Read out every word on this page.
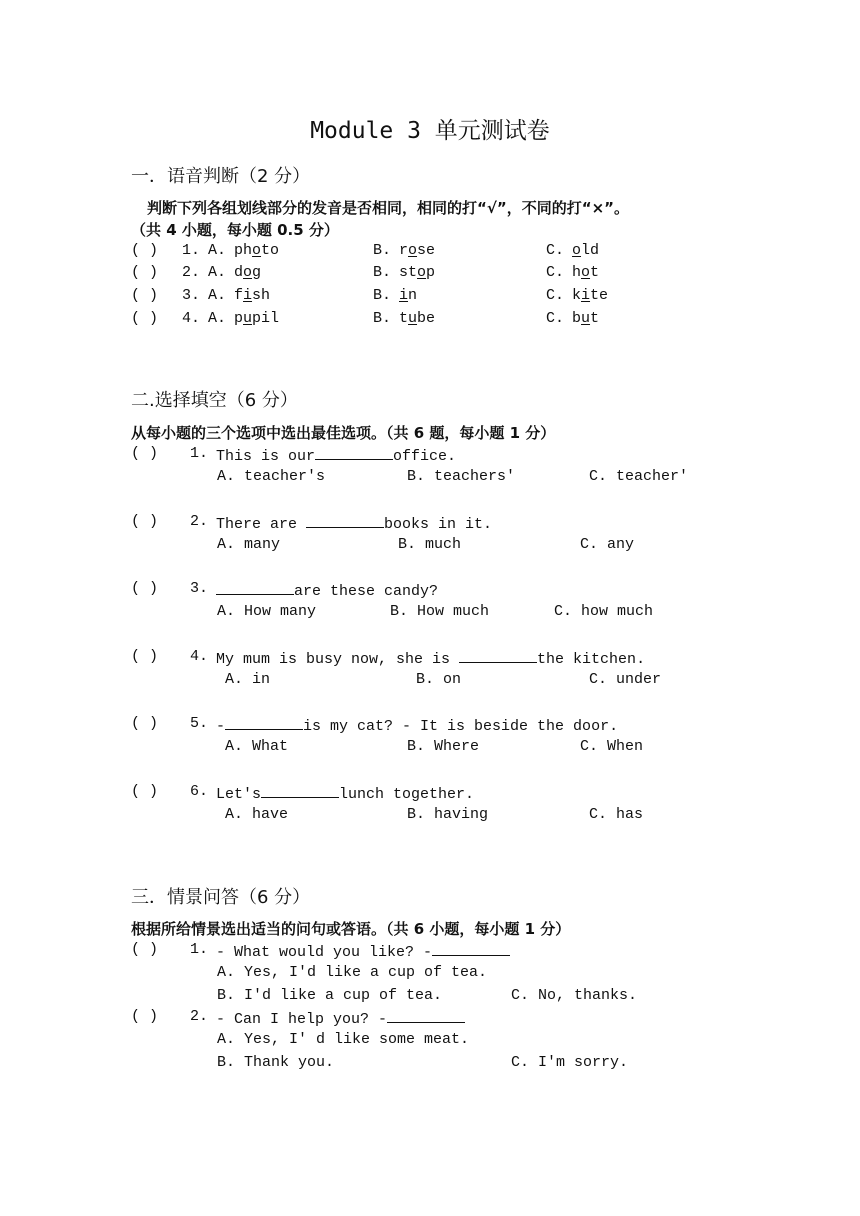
Module 3 单元测试卷
一．语音判断（2 分）
判断下列各组划线部分的发音是否相同，相同的打“√”，不同的打“×”。
（共 4 小题，每小题 0.5 分）
( ) 1. A. photo	B. rose	C. old
( ) 2. A. dog	B. stop	C. hot
( ) 3. A. fish	B. in	C. kite
( ) 4. A. pupil	B. tube	C. but
二.选择填空（6 分）
从每小题的三个选项中选出最佳选项。（共 6 题，每小题 1 分）
( ) 1. This is our	office.
A. teacher's	B. teachers'	C. teacher'
( ) 2. There are	books in it.
A. many	B. much	C. any
( ) 3.	are these candy?
A. How many	B. How much	C. how much
( ) 4. My mum is busy now, she is	the kitchen.
A. in	B. on	C. under
( ) 5. -	is my cat? - It is beside the door.
A. What	B. Where	C. When
( ) 6. Let's	lunch together.
A. have	B. having	C. has
三．情景问答（6 分）
根据所给情景选出适当的问句或答语。（共 6 小题，每小题 1 分）
( ) 1. - What would you like? -
A. Yes, I'd like a cup of tea.
B. I'd like a cup of tea.	C. No, thanks.
( ) 2. - Can I help you? -
A. Yes, I' d like some meat.
B. Thank you.	C. I'm sorry.
